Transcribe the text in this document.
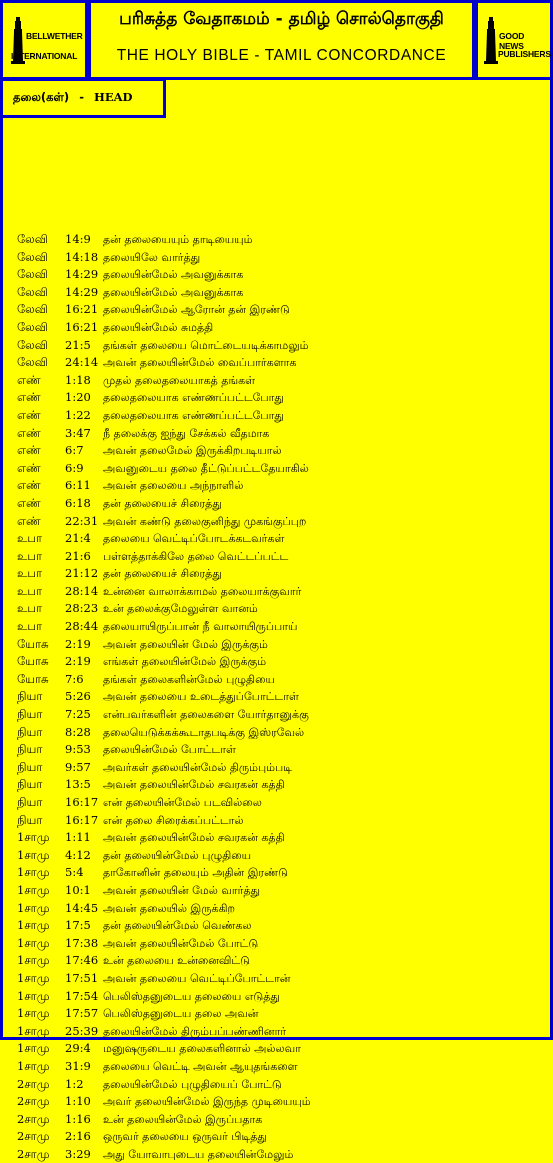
லேவி 14:9 தன் தலையையும் தாடியையும்
லேவி 14:18 தலையிலே வார்த்து
லேவி 14:29 தலையின்மேல் அவனுக்காக
லேவி 14:29 தலையின்மேல் அவனுக்காக
லேவி 16:21 தலையின்மேல் ஆரோன் தன் இரண்டு
லேவி 16:21 தலையின்மேல் சுமத்தி
லேவி 21:5 தங்கள் தலையை மொட்டையடிக்காமலும்
லேவி 24:14 அவன் தலையின்மேல் வைப்பார்களாக
எண் 1:18 முதல் தலைதலையாகத் தங்கள்
எண் 1:20 தலைதலையாக எண்ணப்பட்டபோது
எண் 1:22 தலைதலையாக எண்ணப்பட்டபோது
எண் 3:47 நீ தலைக்கு ஐந்து சேக்கல் வீதமாக
எண் 6:7 அவன் தலைமேல் இருக்கிறபடியால்
எண் 6:9 அவனுடைய தலை தீட்டுப்பட்டதேயாகில்
எண் 6:11 அவன் தலையை அந்நாளில்
எண் 6:18 தன் தலையைச் சிரைத்து
எண் 22:31 அவன் கண்டு தலைகுனிந்து முகங்குப்புற
உபா 21:4 தலையை வெட்டிப்போடக்கடவர்கள்
உபா 21:6 பள்ளத்தாக்கிலே தலை வெட்டப்பட்ட
உபா 21:12 தன் தலையைச் சிரைத்து
உபா 28:14 உன்னை வாலாக்காமல் தலையாக்குவார்
உபா 28:23 உன் தலைக்குமேலுள்ள வானம்
உபா 28:44 தலையாயிருப்பான் நீ வாலாயிருப்பாய்
யோசு 2:19 அவன் தலையின் மேல் இருக்கும்
யோசு 2:19 எங்கள் தலையின்மேல் இருக்கும்
யோசு 7:6 தங்கள் தலைகளின்மேல் புழுதியை
நியா 5:26 அவன் தலையை உடைத்துப்போட்டாள்
நியா 7:25 என்பவர்களின் தலைகளை யோர்தானுக்கு
நியா 8:28 தலையெடுக்கக்கூடாதபடிக்கு இஸ்ரவேல்
நியா 9:53 தலையின்மேல் போட்டாள்
நியா 9:57 அவர்கள் தலையின்மேல் திரும்பும்படி
நியா 13:5 அவன் தலையின்மேல் சவரகன் கத்தி
நியா 16:17 என் தலையின்மேல் படவில்லை
நியா 16:17 என் தலை சிரைக்கப்பட்டால்
1சாமு 1:11 அவன் தலையின்மேல் சவரகன் கத்தி
1சாமு 4:12 தன் தலையின்மேல் புழுதியை
1சாமு 5:4 தாகோனின் தலையும் அதின் இரண்டு
1சாமு 10:1 அவன் தலையின் மேல் வார்த்து
1சாமு 14:45 அவன் தலையில் இருக்கிற
1சாமு 17:5 தன் தலையின்மேல் வெண்கல
1சாமு 17:38 அவன் தலையின்மேல் போட்டு
1சாமு 17:46 உன் தலையை உன்னைவிட்டு
1சாமு 17:51 அவன் தலையை வெட்டிப்போட்டான்
1சாமு 17:54 பெலிஸ்தனுடைய தலையை எடுத்து
1சாமு 17:57 பெலிஸ்தனுடைய தலை அவன்
1சாமு 25:39 தலையின்மேல் திரும்பப்பண்ணினார்
1சாமு 29:4 மனுஷருடைய தலைகளினால் அல்லவா
1சாமு 31:9 தலையை வெட்டி அவன் ஆயுதங்களை
2சாமு 1:2 தலையின்மேல் புழுதியைப் போட்டு
2சாமு 1:10 அவர் தலையின்மேல் இருந்த முடியையும்
2சாமு 1:16 உன் தலையின்மேல் இருப்பதாக
2சாமு 2:16 ஒருவர் தலையை ஒருவர் பிடித்து
2சாமு 3:29 அது யோவாபுடைய தலையின்மேலும்
BELLWETHER
INTERNATIONAL
பரிசுத்த வேதாகமம் - தமிழ் சொல்தொகுதி
THE HOLY BIBLE - TAMIL CONCORDANCE
GOOD NEWS
PUBLISHERS
தலை(கள்) - HEAD
